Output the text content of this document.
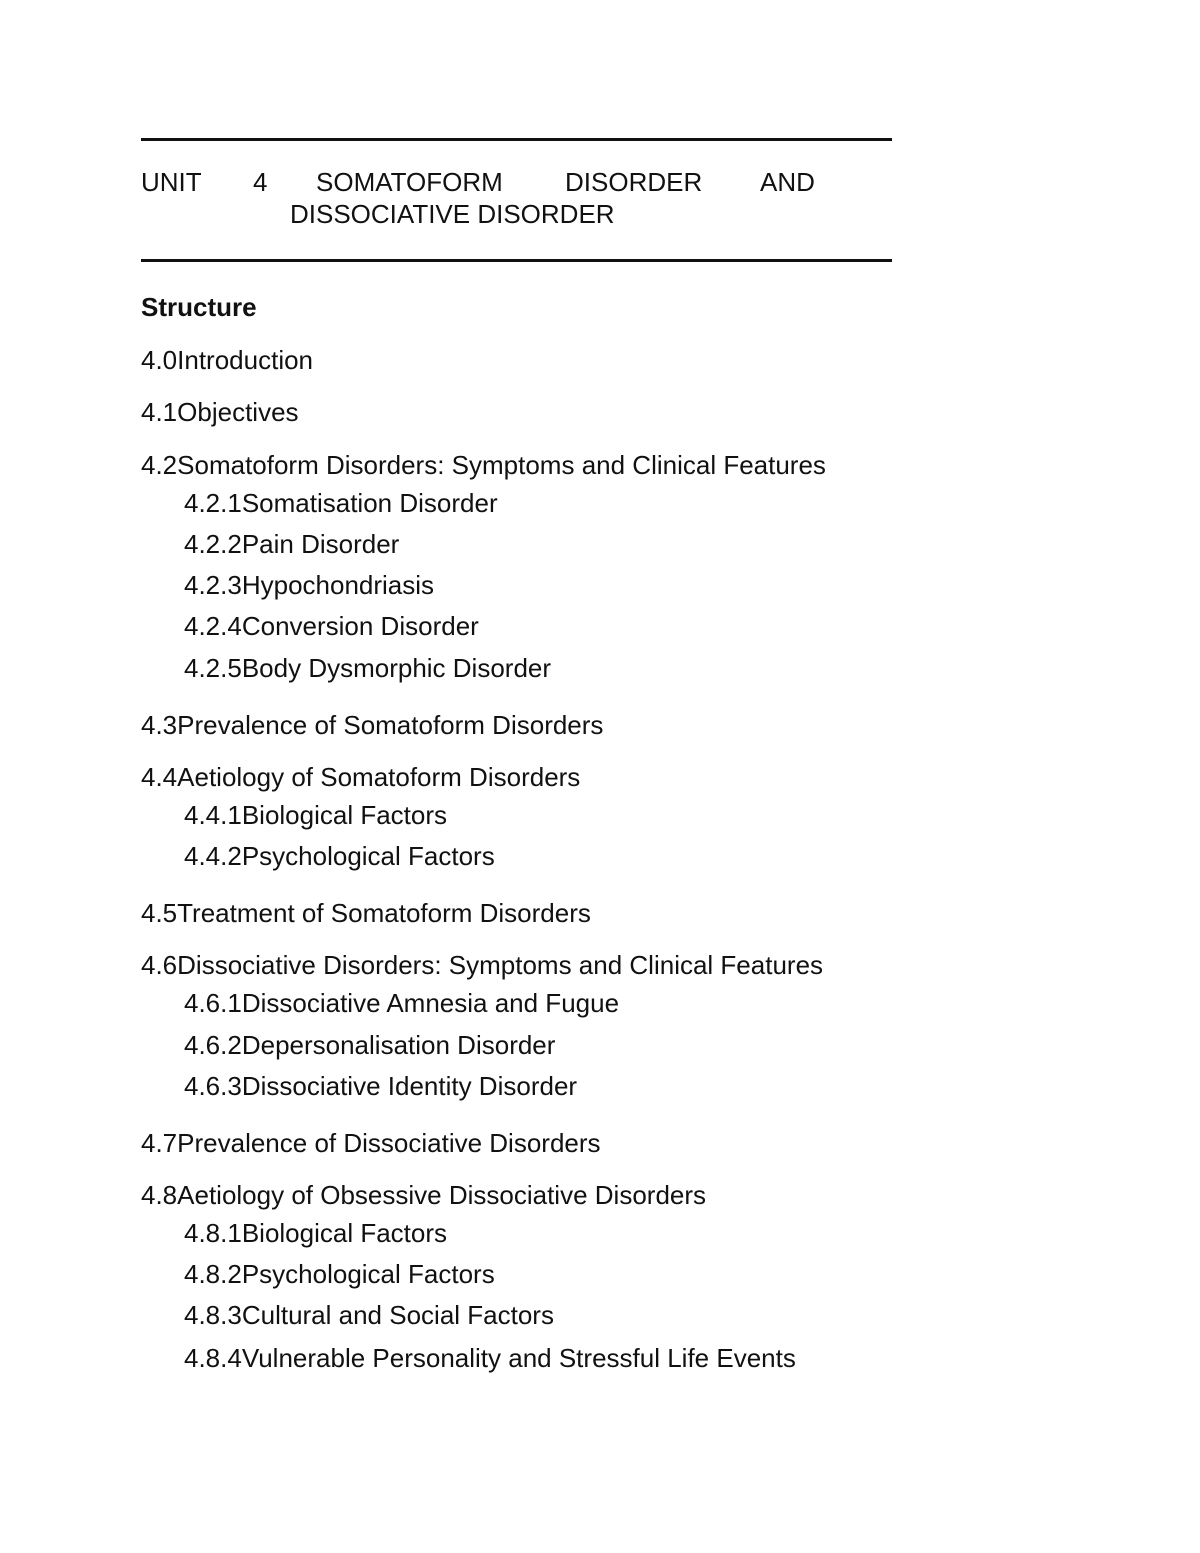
UNIT 4 SOMATOFORM DISORDER AND
DISSOCIATIVE DISORDER
Structure
4.0Introduction
4.1Objectives
4.2Somatoform Disorders: Symptoms and Clinical Features
4.2.1Somatisation Disorder
4.2.2Pain Disorder
4.2.3Hypochondriasis
4.2.4Conversion Disorder
4.2.5Body Dysmorphic Disorder
4.3Prevalence of Somatoform Disorders
4.4Aetiology of Somatoform Disorders
4.4.1Biological Factors
4.4.2Psychological Factors
4.5Treatment of Somatoform Disorders
4.6Dissociative Disorders: Symptoms and Clinical Features
4.6.1Dissociative Amnesia and Fugue
4.6.2Depersonalisation Disorder
4.6.3Dissociative Identity Disorder
4.7Prevalence of Dissociative Disorders
4.8Aetiology of Obsessive Dissociative Disorders
4.8.1Biological Factors
4.8.2Psychological Factors
4.8.3Cultural and Social Factors
4.8.4Vulnerable Personality and Stressful Life Events
